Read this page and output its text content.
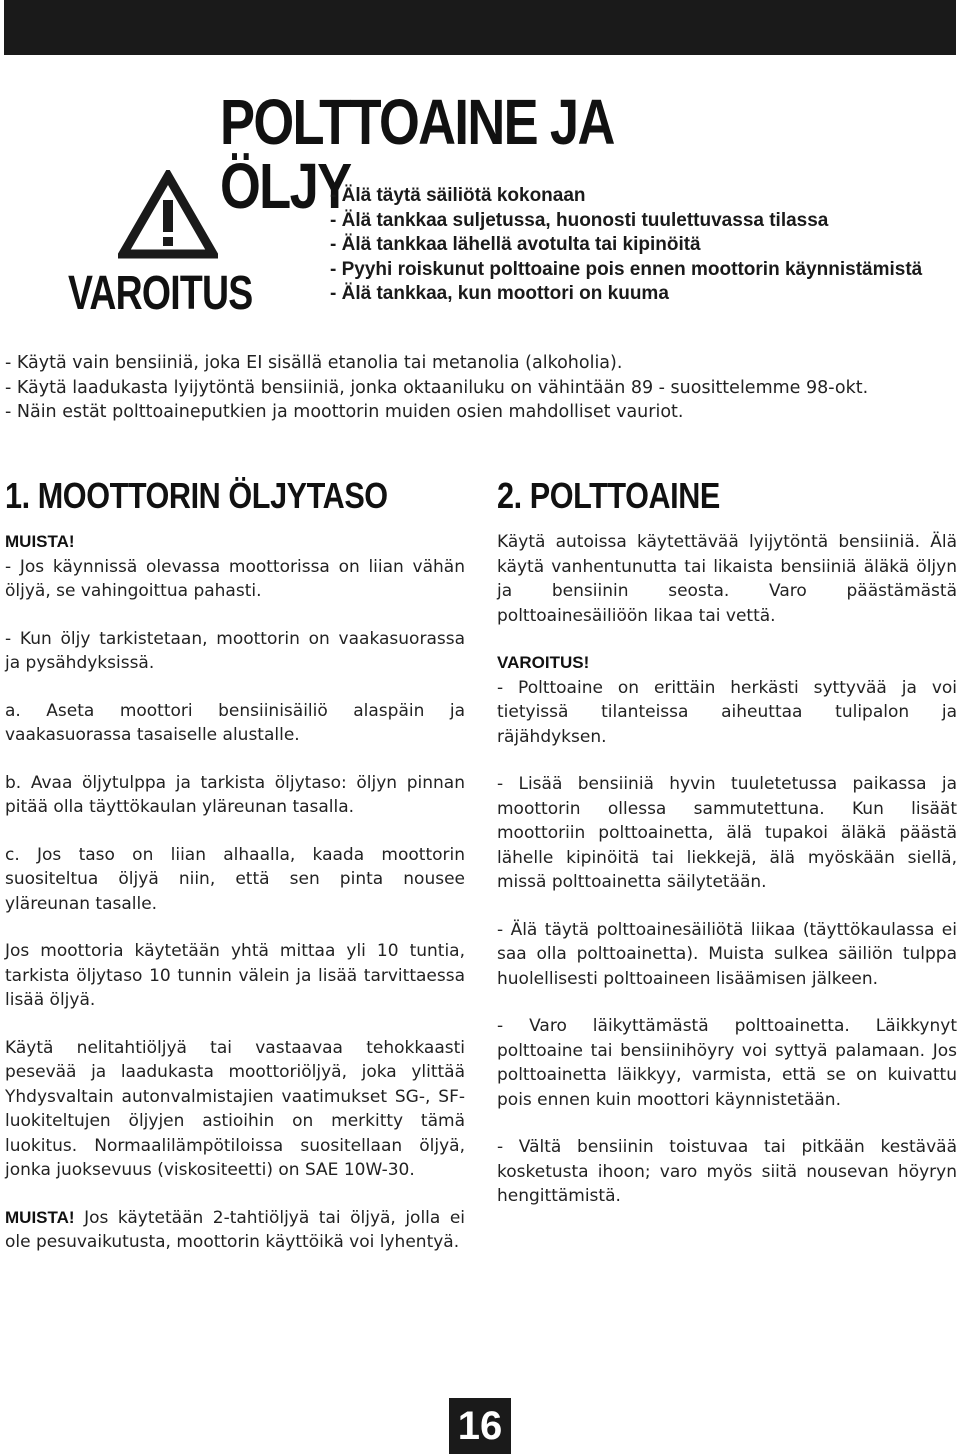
POLTTOAINE JA ÖLJY
VAROITUS
- Älä täytä säiliötä kokonaan
- Älä tankkaa suljetussa, huonosti tuulettuvassa tilassa
- Älä tankkaa lähellä avotulta tai kipinöitä
- Pyyhi roiskunut polttoaine pois ennen moottorin käynnistämistä
- Älä tankkaa, kun moottori on kuuma
- Käytä vain bensiiniä, joka EI sisällä etanolia tai metanolia (alkoholia).
- Käytä laadukasta lyijytöntä bensiiniä, jonka oktaaniluku on vähintään 89 - suosittelemme 98-okt.
- Näin estät polttoaineputkien ja moottorin muiden osien mahdolliset vauriot.
1. MOOTTORIN ÖLJYTASO
MUISTA!

- Jos käynnissä olevassa moottorissa on liian vähän öljyä, se vahingoittua pahasti.

- Kun öljy tarkistetaan, moottorin on vaakasuorassa ja pysähdyksissä.

a. Aseta moottori bensiinisäiliö alaspäin ja vaakasuorassa tasaiselle alustalle.

b. Avaa öljytulppa ja tarkista öljytaso: öljyn pinnan pitää olla täyttökaulan yläreunan tasalla.

c. Jos taso on liian alhaalla, kaada moottorin suositeltua öljyä niin, että sen pinta nousee yläreunan tasalle.

Jos moottoria käytetään yhtä mittaa yli 10 tuntia, tarkista öljytaso 10 tunnin välein ja lisää tarvittaessa lisää öljyä.

Käytä nelitahtiöljyä tai vastaavaa tehokkaasti pesevää ja laadukasta moottoriöljyä, joka ylittää Yhdysvaltain autonvalmistajien vaatimukset SG-, SF-luokiteltujen öljyjen astioihin on merkitty tämä luokitus. Normaalilämpötiloissa suositellaan öljyä, jonka juoksevuus (viskositeetti) on SAE 10W-30.

MUISTA! Jos käytetään 2-tahtiöljyä tai öljyä, jolla ei ole pesuvaikutusta, moottorin käyttöikä voi lyhentyä.

2. POLTTOAINE

Käytä autoissa käytettävää lyijytöntä bensiiniä. Älä käytä vanhentunutta tai likaista bensiiniä äläkä öljyn ja bensiinin seosta. Varo päästämästä polttoainesäiliöön likaa tai vettä.

VAROITUS!

- Polttoaine on erittäin herkästi syttyvää ja voi tietyissä tilanteissa aiheuttaa tulipalon ja räjähdyksen.

- Lisää bensiiniä hyvin tuuletetussa paikassa ja moottorin ollessa sammutettuna. Kun lisäät moottoriin polttoainetta, älä tupakoi äläkä päästä lähelle kipinöitä tai liekkejä, älä myöskään siellä, missä polttoainetta säilytetään.

- Älä täytä polttoainesäiliötä liikaa (täyttökaulassa ei saa olla polttoainetta). Muista sulkea säiliön tulppa huolellisesti polttoaineen lisäämisen jälkeen.

- Varo läikyttämästä polttoainetta. Läikkynyt polttoaine tai bensiinihöyry voi syttyä palamaan. Jos polttoainetta läikkyy, varmista, että se on kuivattu pois ennen kuin moottori käynnistetään.

- Vältä bensiinin toistuvaa tai pitkään kestävää kosketusta ihoon; varo myös siitä nousevan höyryn hengittämistä.

16
